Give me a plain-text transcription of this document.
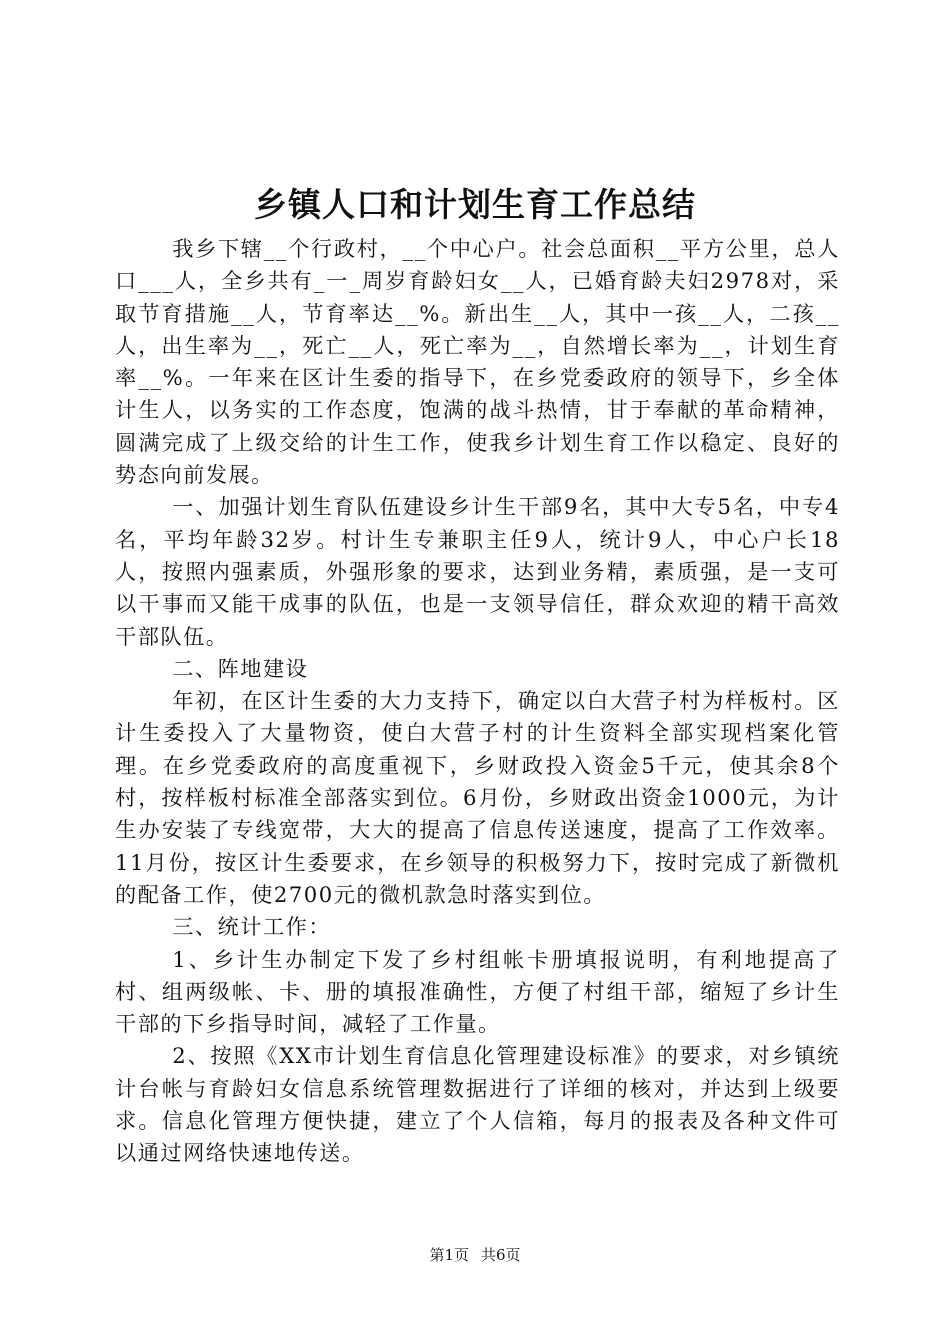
乡镇人口和计划生育工作总结

我乡下辖__个行政村，__个中心户。社会总面积__平方公里，总人口___人，全乡共有_一_周岁育龄妇女__人，已婚育龄夫妇2978对，采取节育措施__人，节育率达__%。新出生__人，其中一孩__人，二孩__人，出生率为__，死亡__人，死亡率为__，自然增长率为__，计划生育率__%。一年来在区计生委的指导下，在乡党委政府的领导下，乡全体计生人，以务实的工作态度，饱满的战斗热情，甘于奉献的革命精神，圆满完成了上级交给的计生工作，使我乡计划生育工作以稳定、良好的势态向前发展。

一、加强计划生育队伍建设乡计生干部9名，其中大专5名，中专4名，平均年龄32岁。村计生专兼职主任9人，统计9人，中心户长18人，按照内强素质，外强形象的要求，达到业务精，素质强，是一支可以干事而又能干成事的队伍，也是一支领导信任，群众欢迎的精干高效干部队伍。

二、阵地建设

年初，在区计生委的大力支持下，确定以白大营子村为样板村。区计生委投入了大量物资，使白大营子村的计生资料全部实现档案化管理。在乡党委政府的高度重视下，乡财政投入资金5千元，使其余8个村，按样板村标准全部落实到位。6月份，乡财政出资金1000元，为计生办安装了专线宽带，大大的提高了信息传送速度，提高了工作效率。11月份，按区计生委要求，在乡领导的积极努力下，按时完成了新微机的配备工作，使2700元的微机款急时落实到位。

三、统计工作：

1、乡计生办制定下发了乡村组帐卡册填报说明，有利地提高了村、组两级帐、卡、册的填报准确性，方便了村组干部，缩短了乡计生干部的下乡指导时间，减轻了工作量。

2、按照《XX市计划生育信息化管理建设标准》的要求，对乡镇统计台帐与育龄妇女信息系统管理数据进行了详细的核对，并达到上级要求。信息化管理方便快捷，建立了个人信箱，每月的报表及各种文件可以通过网络快速地传送。

第1页 共6页
